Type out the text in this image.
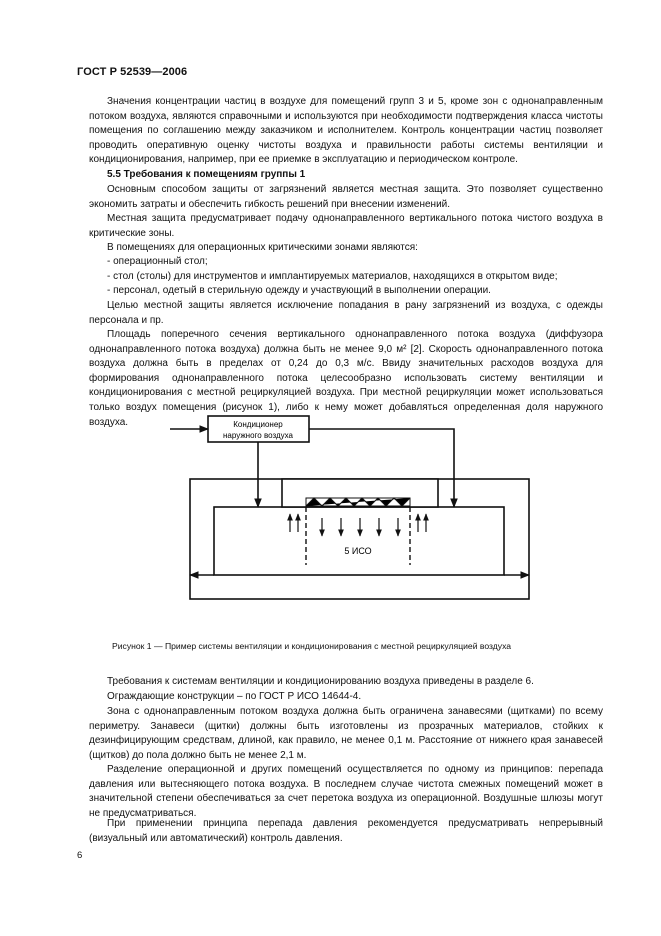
ГОСТ Р 52539—2006
Значения концентрации частиц в воздухе для помещений групп 3 и 5, кроме зон с однонаправленным потоком воздуха, являются справочными и используются при необходимости подтверждения класса чистоты помещения по соглашению между заказчиком и исполнителем. Контроль концентрации частиц позволяет проводить оперативную оценку чистоты воздуха и правильности работы системы вентиляции и кондиционирования, например, при ее приемке в эксплуатацию и периодическом контроле.
5.5 Требования к помещениям группы 1
Основным способом защиты от загрязнений является местная защита. Это позволяет существенно экономить затраты и обеспечить гибкость решений при внесении изменений.
Местная защита предусматривает подачу однонаправленного вертикального потока чистого воздуха в критические зоны.
В помещениях для операционных критическими зонами являются:
- операционный стол;
- стол (столы) для инструментов и имплантируемых материалов, находящихся в открытом виде;
- персонал, одетый в стерильную одежду и участвующий в выполнении операции.
Целью местной защиты является исключение попадания в рану загрязнений из воздуха, с одежды персонала и пр.
Площадь поперечного сечения вертикального однонаправленного потока воздуха (диффузора однонаправленного потока воздуха) должна быть не менее 9,0 м² [2]. Скорость однонаправленного потока воздуха должна быть в пределах от 0,24 до 0,3 м/с. Ввиду значительных расходов воздуха для формирования однонаправленного потока целесообразно использовать систему вентиляции и кондиционирования с местной рециркуляцией воздуха. При местной рециркуляции может использоваться только воздух помещения (рисунок 1), либо к нему может добавляться определенная доля наружного воздуха.	Кондиционер
наружного воздуха
5 ИСО
Рисунок 1 — Пример системы вентиляции и кондиционирования с местной рециркуляцией воздуха
Требования к системам вентиляции и кондиционированию воздуха приведены в разделе 6.
Ограждающие конструкции – по ГОСТ Р ИСО 14644-4.
Зона с однонаправленным потоком воздуха должна быть ограничена занавесями (щитками) по всему периметру. Занавеси (щитки) должны быть изготовлены из прозрачных материалов, стойких к дезинфицирующим средствам, длиной, как правило, не менее 0,1 м. Расстояние от нижнего края занавесей (щитков) до пола должно быть не менее 2,1 м.
Разделение операционной и других помещений осуществляется по одному из принципов: перепада давления или вытесняющего потока воздуха. В последнем случае чистота смежных помещений может в значительной степени обеспечиваться за счет перетока воздуха из операционной. Воздушные шлюзы могут не предусматриваться.
При применении принципа перепада давления рекомендуется предусматривать непрерывный (визуальный или автоматический) контроль давления.
6
